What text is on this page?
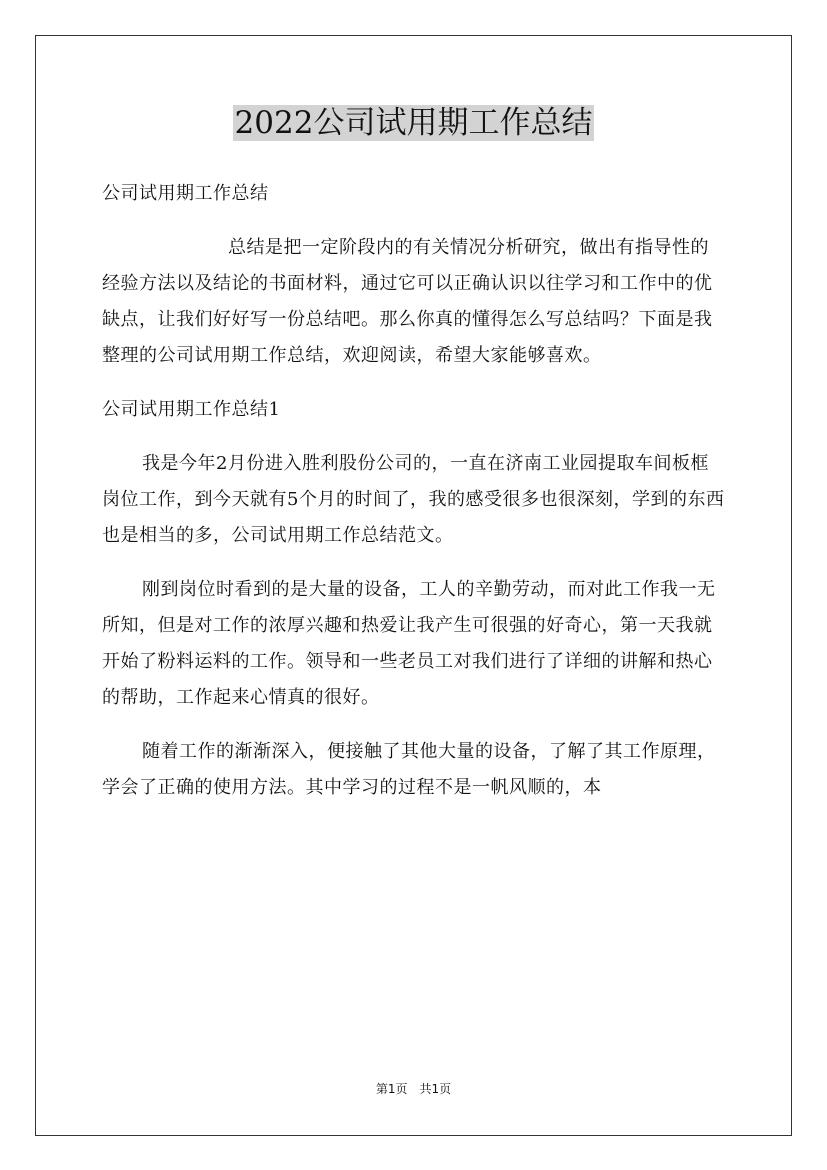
2022公司试用期工作总结

公司试用期工作总结

总结是把一定阶段内的有关情况分析研究，做出有指导性的经验方法以及结论的书面材料，通过它可以正确认识以往学习和工作中的优缺点，让我们好好写一份总结吧。那么你真的懂得怎么写总结吗？下面是我整理的公司试用期工作总结，欢迎阅读，希望大家能够喜欢。

公司试用期工作总结1

我是今年2月份进入胜利股份公司的，一直在济南工业园提取车间板框岗位工作，到今天就有5个月的时间了，我的感受很多也很深刻，学到的东西也是相当的多，公司试用期工作总结范文。

刚到岗位时看到的是大量的设备，工人的辛勤劳动，而对此工作我一无所知，但是对工作的浓厚兴趣和热爱让我产生可很强的好奇心，第一天我就开始了粉料运料的工作。领导和一些老员工对我们进行了详细的讲解和热心的帮助，工作起来心情真的很好。

随着工作的渐渐深入，便接触了其他大量的设备，了解了其工作原理，学会了正确的使用方法。其中学习的过程不是一帆风顺的，本

第1页　共1页
